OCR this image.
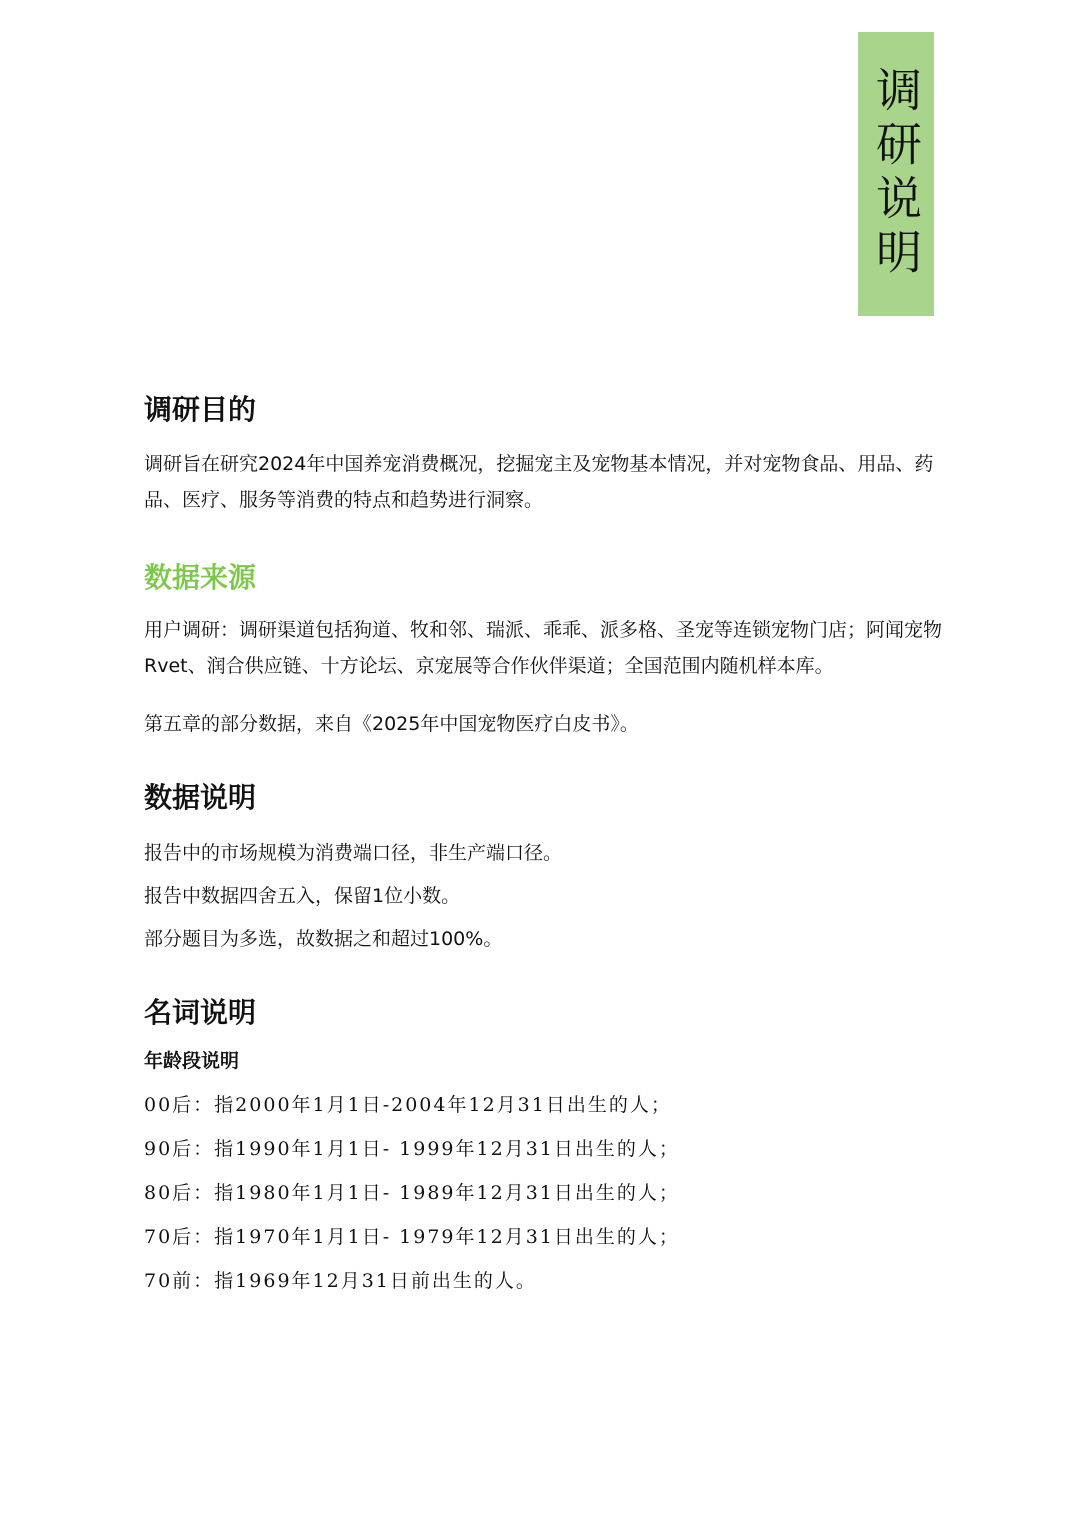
调研说明
调研目的

调研旨在研究2024年中国养宠消费概况，挖掘宠主及宠物基本情况，并对宠物食品、用品、药品、医疗、服务等消费的特点和趋势进行洞察。

数据来源

用户调研：调研渠道包括狗道、牧和邻、瑞派、乖乖、派多格、圣宠等连锁宠物门店；阿闻宠物Rvet、润合供应链、十方论坛、京宠展等合作伙伴渠道；全国范围内随机样本库。

第五章的部分数据，来自《2025年中国宠物医疗白皮书》。

数据说明

报告中的市场规模为消费端口径，非生产端口径。

报告中数据四舍五入，保留1位小数。

部分题目为多选，故数据之和超过100%。

名词说明

年龄段说明

00后：指2000年1月1日-2004年12月31日出生的人；

90后：指1990年1月1日- 1999年12月31日出生的人；

80后：指1980年1月1日- 1989年12月31日出生的人；

70后：指1970年1月1日- 1979年12月31日出生的人；

70前：指1969年12月31日前出生的人。
